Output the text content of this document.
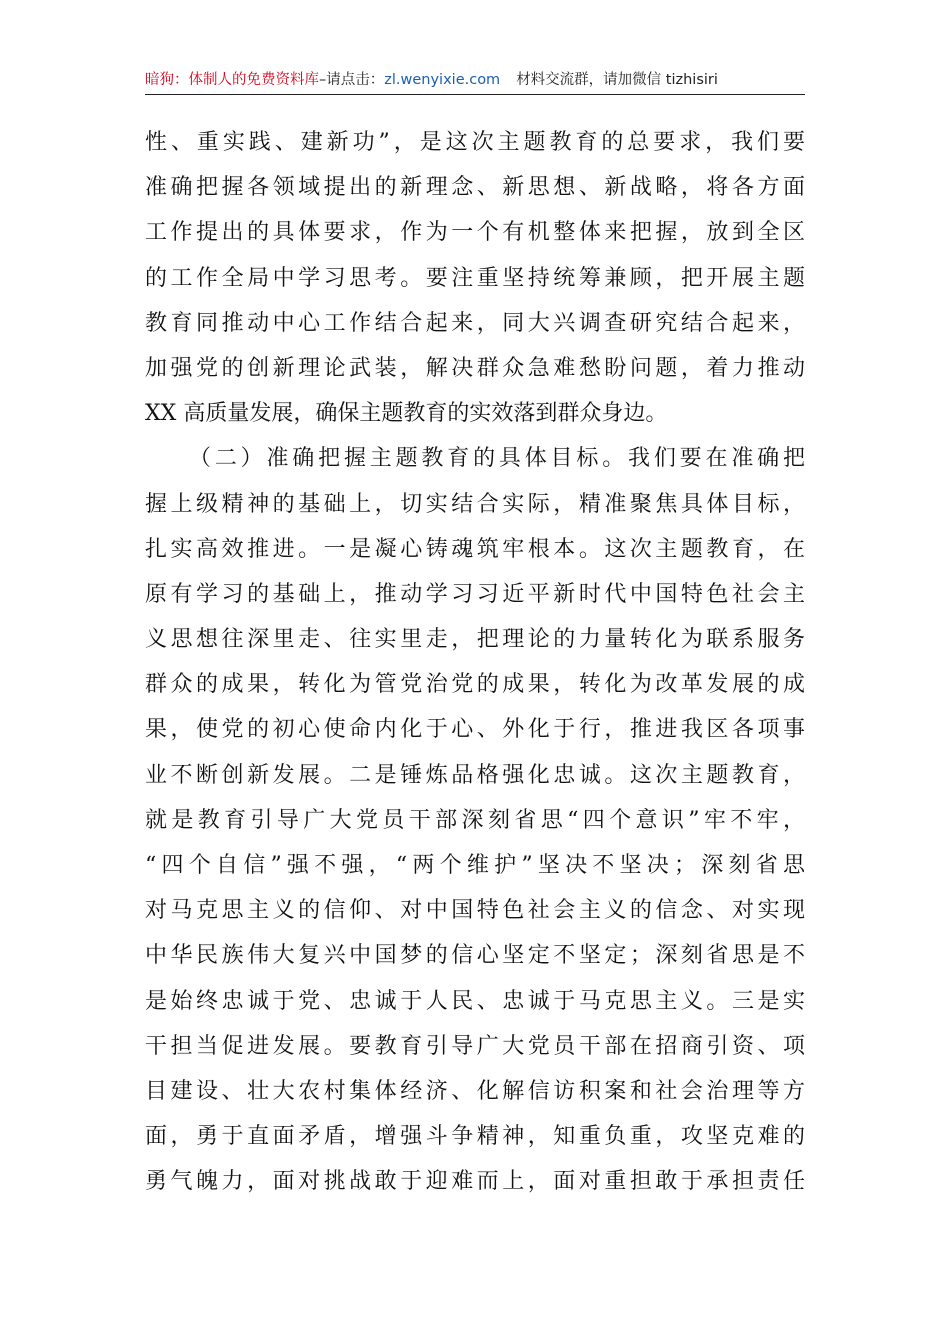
暗狗：体制人的免费资料库–请点击：zl.wenyixie.com 材料交流群，请加微信 tizhisiri
性、重实践、建新功”，是这次主题教育的总要求，我们要
准确把握各领域提出的新理念、新思想、新战略，将各方面
工作提出的具体要求，作为一个有机整体来把握，放到全区
的工作全局中学习思考。要注重坚持统筹兼顾，把开展主题
教育同推动中心工作结合起来，同大兴调查研究结合起来，
加强党的创新理论武装，解决群众急难愁盼问题，着力推动
XX 高质量发展，确保主题教育的实效落到群众身边。
（二）准确把握主题教育的具体目标。我们要在准确把
握上级精神的基础上，切实结合实际，精准聚焦具体目标，
扎实高效推进。一是凝心铸魂筑牢根本。这次主题教育，在
原有学习的基础上，推动学习习近平新时代中国特色社会主
义思想往深里走、往实里走，把理论的力量转化为联系服务
群众的成果，转化为管党治党的成果，转化为改革发展的成
果，使党的初心使命内化于心、外化于行，推进我区各项事
业不断创新发展。二是锤炼品格强化忠诚。这次主题教育，
就是教育引导广大党员干部深刻省思“四个意识”牢不牢，
“四个自信”强不强，“两个维护”坚决不坚决；深刻省思
对马克思主义的信仰、对中国特色社会主义的信念、对实现
中华民族伟大复兴中国梦的信心坚定不坚定；深刻省思是不
是始终忠诚于党、忠诚于人民、忠诚于马克思主义。三是实
干担当促进发展。要教育引导广大党员干部在招商引资、项
目建设、壮大农村集体经济、化解信访积案和社会治理等方
面，勇于直面矛盾，增强斗争精神，知重负重，攻坚克难的
勇气魄力，面对挑战敢于迎难而上，面对重担敢于承担责任
